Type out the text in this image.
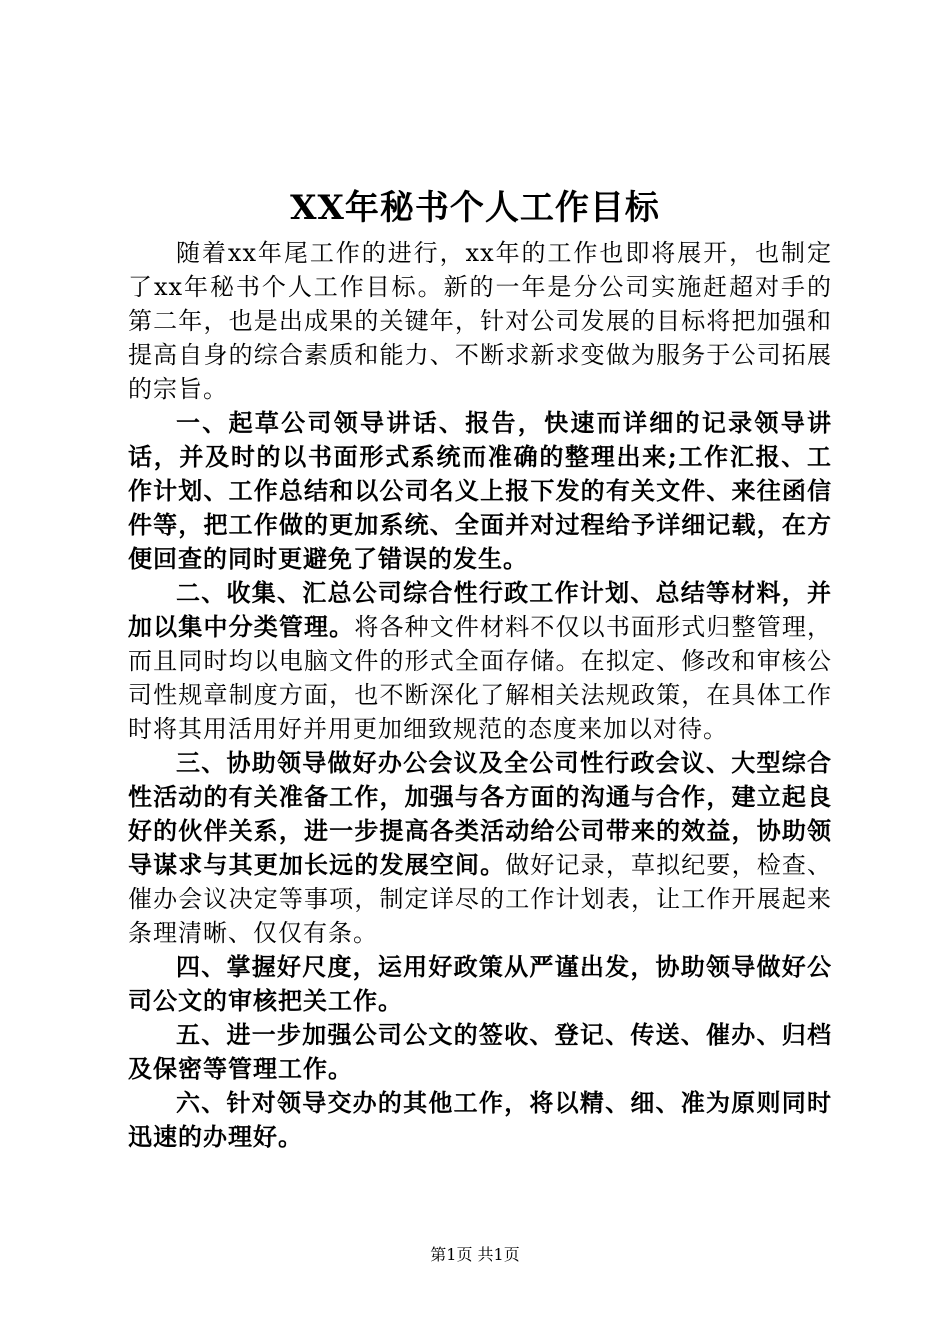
XX年秘书个人工作目标

随着xx年尾工作的进行，xx年的工作也即将展开，也制定了xx年秘书个人工作目标。新的一年是分公司实施赶超对手的第二年，也是出成果的关键年，针对公司发展的目标将把加强和提高自身的综合素质和能力、不断求新求变做为服务于公司拓展的宗旨。

一、起草公司领导讲话、报告，快速而详细的记录领导讲话，并及时的以书面形式系统而准确的整理出来;工作汇报、工作计划、工作总结和以公司名义上报下发的有关文件、来往函信件等，把工作做的更加系统、全面并对过程给予详细记载，在方便回查的同时更避免了错误的发生。

二、收集、汇总公司综合性行政工作计划、总结等材料，并加以集中分类管理。将各种文件材料不仅以书面形式归整管理，而且同时均以电脑文件的形式全面存储。在拟定、修改和审核公司性规章制度方面，也不断深化了解相关法规政策，在具体工作时将其用活用好并用更加细致规范的态度来加以对待。

三、协助领导做好办公会议及全公司性行政会议、大型综合性活动的有关准备工作，加强与各方面的沟通与合作，建立起良好的伙伴关系，进一步提高各类活动给公司带来的效益，协助领导谋求与其更加长远的发展空间。做好记录，草拟纪要，检查、催办会议决定等事项，制定详尽的工作计划表，让工作开展起来条理清晰、仅仅有条。

四、掌握好尺度，运用好政策从严谨出发，协助领导做好公司公文的审核把关工作。

五、进一步加强公司公文的签收、登记、传送、催办、归档及保密等管理工作。

六、针对领导交办的其他工作，将以精、细、准为原则同时迅速的办理好。

第1页 共1页
